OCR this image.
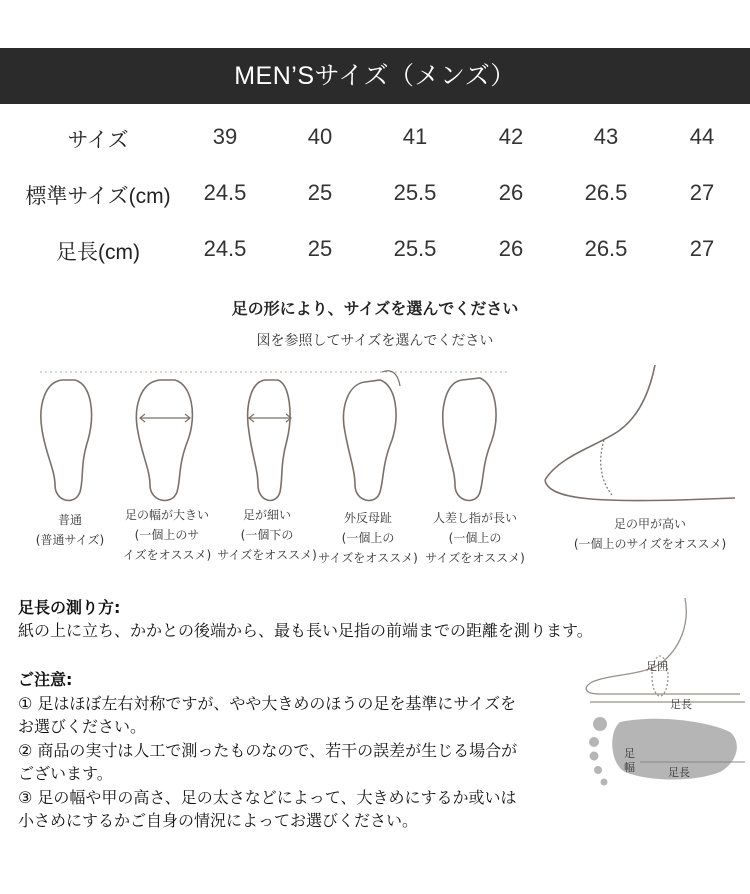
MEN’Sサイズ（メンズ）
サイズ	39	40	41	42	43	44
標準サイズ(cm)	24.5	25	25.5	26	26.5	27
足長(cm)	24.5	25	25.5	26	26.5	27
足の形により、サイズを選んでください
図を参照してサイズを選んでください
普通
(普通サイズ)
足の幅が大きい
(一個上のサ
イズをオススメ)
足が細い
(一個下の
サイズをオススメ)
外反母趾
(一個上の
サイズをオススメ)
人差し指が長い
(一個上の
サイズをオススメ)
足の甲が高い
(一個上のサイズをオススメ)
足長の測り方:
紙の上に立ち、かかとの後端から、最も長い足指の前端までの距離を測ります。
ご注意:
① 足はほぼ左右対称ですが、やや大きめのほうの足を基準にサイズを
お選びください。
② 商品の実寸は人工で測ったものなので、若干の誤差が生じる場合が
ございます。
③ 足の幅や甲の高さ、足の太さなどによって、大きめにするか或いは
小さめにするかご自身の情況によってお選びください。
足囲
足長
足
幅	足長
